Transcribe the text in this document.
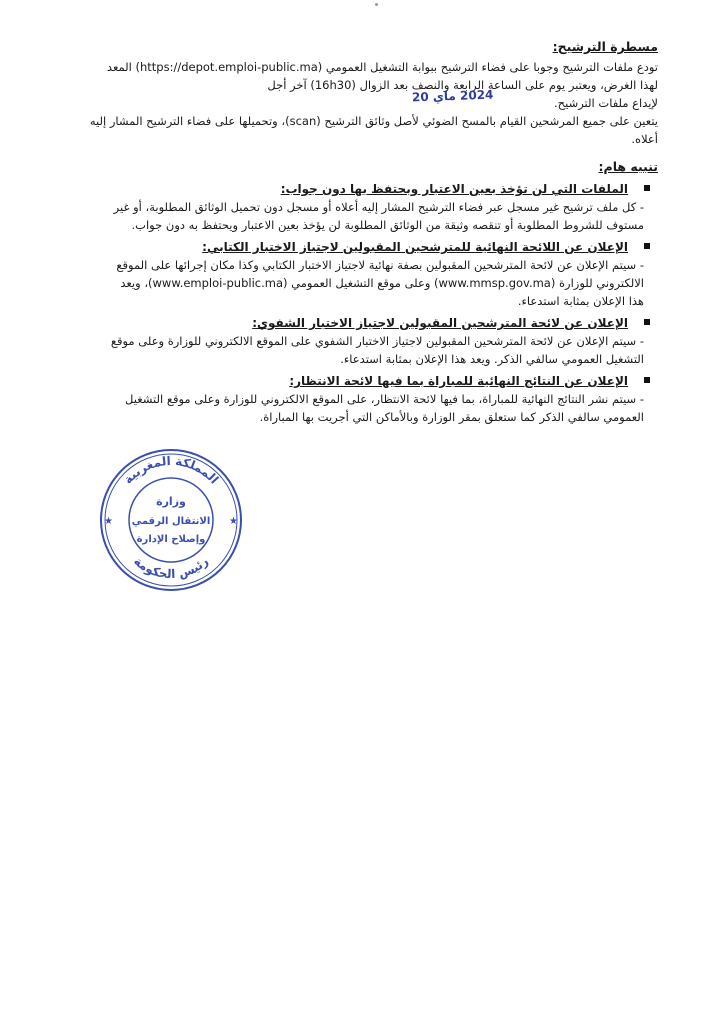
مسطرة الترشيح:

تودع ملفات الترشيح وجوبا على فضاء الترشيح ببوابة التشغيل العمومي (https://depot.emploi-public.ma) المعد

لهذا الغرض، ويعتبر يوم على الساعة الرابعة والنصف بعد الزوال (16h30) آخر أجل

لإيداع ملفات الترشيح.

يتعين على جميع المرشحين القيام بالمسح الضوئي لأصل وثائق الترشيح (scan)، وتحميلها على فضاء الترشيح المشار إليه

أعلاه.

تنبيه هام:
الملفات التي لن تؤخذ بعين الاعتبار وبحتفظ بها دون جواب:

- كل ملف ترشيح غير مسجل عبر فضاء الترشيح المشار إليه أعلاه أو مسجل دون تحميل الوثائق المطلوبة، أو غير

مستوف للشروط المطلوبة أو تنقصه وثيقة من الوثائق المطلوبة لن يؤخذ بعين الاعتبار ويحتفظ به دون جواب.

الإعلان عن اللائحة النهائية للمترشحين المقبولين لاجتياز الاختبار الكتابي:

- سيتم الإعلان عن لائحة المترشحين المقبولين بصفة نهائية لاجتياز الاختبار الكتابي وكذا مكان إجرائها على الموقع

الالكتروني للوزارة (www.mmsp.gov.ma) وعلى موقع التشغيل العمومي (www.emploi-public.ma)، ويعد

هذا الإعلان بمثابة استدعاء.

الإعلان عن لائحة المترشحين المقبولين لاجتياز الاختبار الشفوي:

- سيتم الإعلان عن لائحة المترشحين المقبولين لاجتياز الاختبار الشفوي على الموقع الالكتروني للوزارة وعلى موقع

التشغيل العمومي سالفي الذكر. ويعد هذا الإعلان بمثابة استدعاء.

الإعلان عن النتائج النهائية للمباراة بما فيها لائحة الانتظار:

- سيتم نشر النتائج النهائية للمباراة، بما فيها لائحة الانتظار، على الموقع الالكتروني للوزارة وعلى موقع التشغيل

العمومي سالفي الذكر كما ستعلق بمقر الوزارة وبالأماكن التي أجريت بها المباراة.

2024 ماي 20
★	★
المملكة المغربية
رئيس الحكومة
وزارة
الانتقال الرقمي
وإصلاح الإدارة
